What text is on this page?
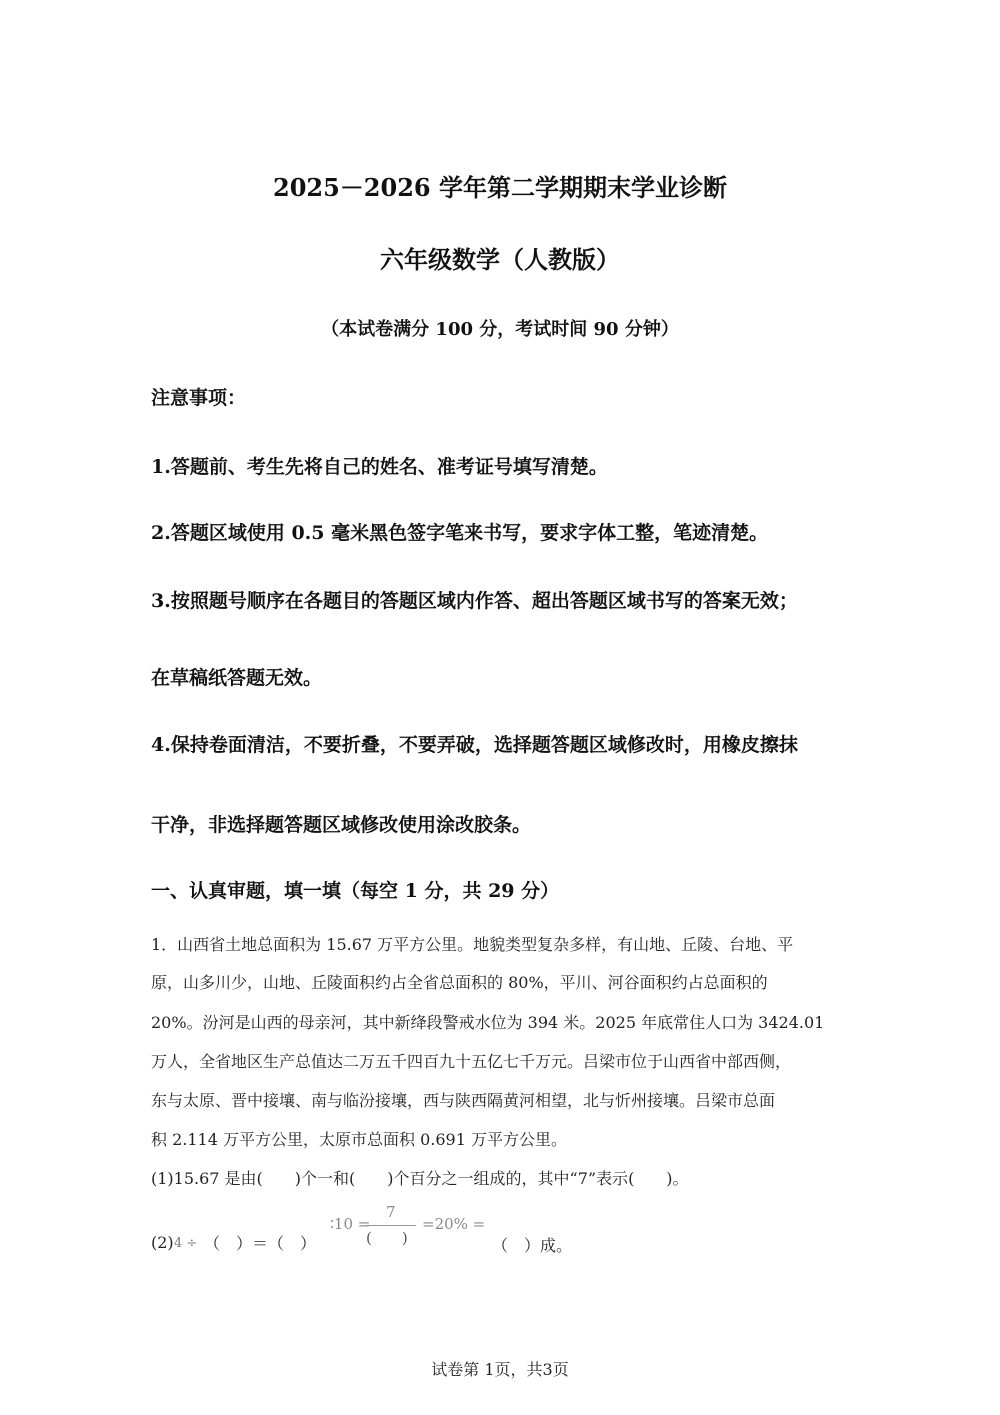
2025－2026 学年第二学期期末学业诊断
六年级数学（人教版）
（本试卷满分 100 分，考试时间 90 分钟）
注意事项：
1.答题前、考生先将自己的姓名、准考证号填写清楚。
2.答题区域使用 0.5 毫米黑色签字笔来书写，要求字体工整，笔迹清楚。
3.按照题号顺序在各题目的答题区域内作答、超出答题区域书写的答案无效；
在草稿纸答题无效。
4.保持卷面清洁，不要折叠，不要弄破，选择题答题区域修改时，用橡皮擦抹
干净，非选择题答题区域修改使用涂改胶条。
一、认真审题，填一填（每空 1 分，共 29 分）
1．山西省土地总面积为 15.67 万平方公里。地貌类型复杂多样，有山地、丘陵、台地、平
原，山多川少，山地、丘陵面积约占全省总面积的 80%，平川、河谷面积约占总面积的
20%。汾河是山西的母亲河，其中新绛段警戒水位为 394 米。2025 年底常住人口为 3424.01
万人，全省地区生产总值达二万五千四百九十五亿七千万元。吕梁市位于山西省中部西侧，
东与太原、晋中接壤、南与临汾接壤，西与陕西隔黄河相望，北与忻州接壤。吕梁市总面
积 2.114 万平方公里，太原市总面积 0.691 万平方公里。
(1)15.67 是由(　　)个一和(　　)个百分之一组成的，其中“7”表示(　　)。
(2) 4 ÷ （　）＝（　）
∶10 =
7
(　　)
=20% =
（　）成。
试卷第 1页，共3页
